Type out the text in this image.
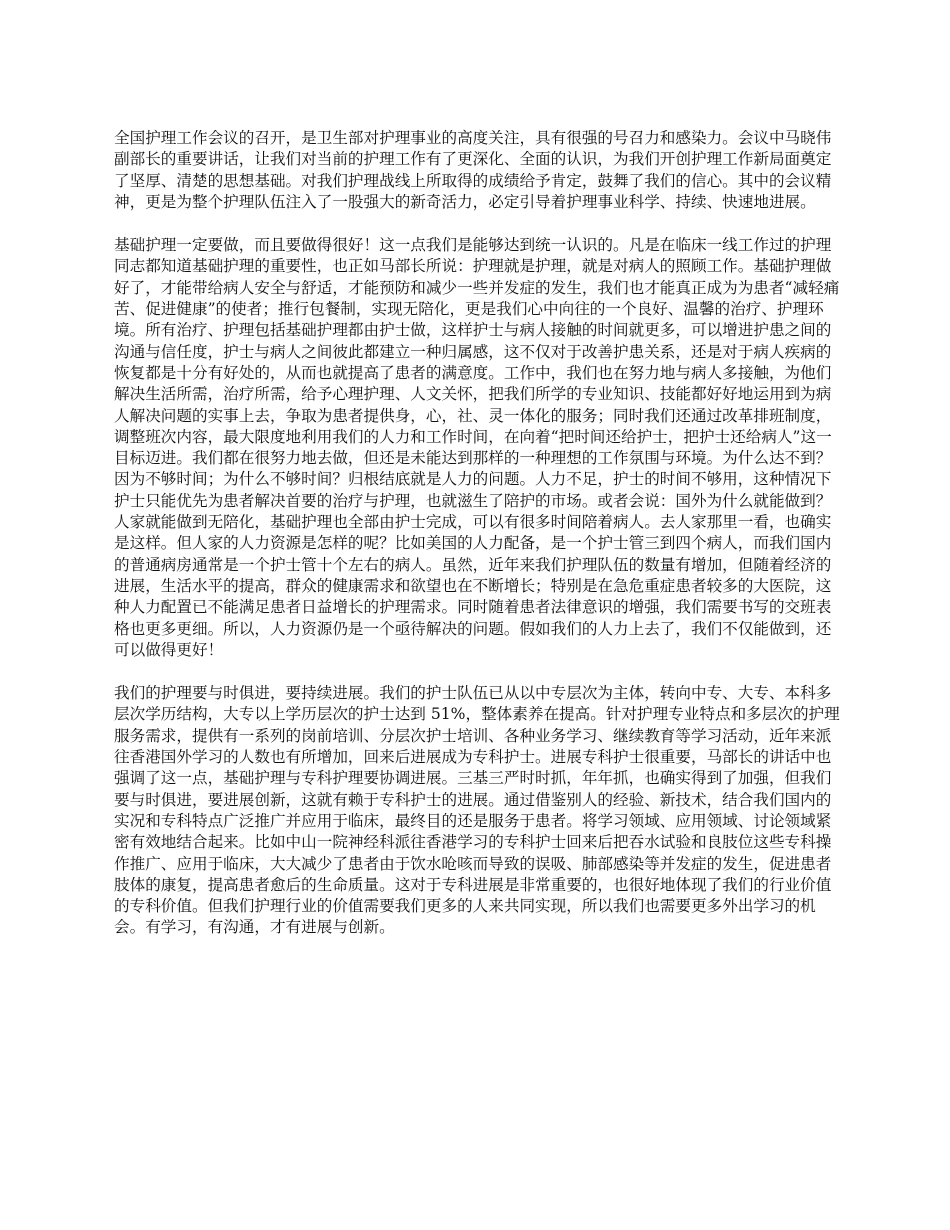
全国护理工作会议的召开，是卫生部对护理事业的高度关注，具有很强的号召力和感染力。会议中马晓伟副部长的重要讲话，让我们对当前的护理工作有了更深化、全面的认识，为我们开创护理工作新局面奠定了坚厚、清楚的思想基础。对我们护理战线上所取得的成绩给予肯定，鼓舞了我们的信心。其中的会议精神，更是为整个护理队伍注入了一股强大的新奇活力，必定引导着护理事业科学、持续、快速地进展。

基础护理一定要做，而且要做得很好！这一点我们是能够达到统一认识的。凡是在临床一线工作过的护理同志都知道基础护理的重要性，也正如马部长所说：护理就是护理，就是对病人的照顾工作。基础护理做好了，才能带给病人安全与舒适，才能预防和减少一些并发症的发生，我们也才能真正成为为患者“减轻痛苦、促进健康”的使者；推行包餐制，实现无陪化，更是我们心中向往的一个良好、温馨的治疗、护理环境。所有治疗、护理包括基础护理都由护士做，这样护士与病人接触的时间就更多，可以增进护患之间的沟通与信任度，护士与病人之间彼此都建立一种归属感，这不仅对于改善护患关系，还是对于病人疾病的恢复都是十分有好处的，从而也就提高了患者的满意度。工作中，我们也在努力地与病人多接触，为他们解决生活所需，治疗所需，给予心理护理、人文关怀，把我们所学的专业知识、技能都好好地运用到为病人解决问题的实事上去，争取为患者提供身，心，社、灵一体化的服务；同时我们还通过改革排班制度，调整班次内容，最大限度地利用我们的人力和工作时间，在向着“把时间还给护士，把护士还给病人”这一目标迈进。我们都在很努力地去做，但还是未能达到那样的一种理想的工作氛围与环境。为什么达不到？因为不够时间；为什么不够时间？归根结底就是人力的问题。人力不足，护士的时间不够用，这种情况下护士只能优先为患者解决首要的治疗与护理，也就滋生了陪护的市场。或者会说：国外为什么就能做到？人家就能做到无陪化，基础护理也全部由护士完成，可以有很多时间陪着病人。去人家那里一看，也确实是这样。但人家的人力资源是怎样的呢？比如美国的人力配备，是一个护士管三到四个病人，而我们国内的普通病房通常是一个护士管十个左右的病人。虽然，近年来我们护理队伍的数量有增加，但随着经济的进展，生活水平的提高，群众的健康需求和欲望也在不断增长；特别是在急危重症患者较多的大医院，这种人力配置已不能满足患者日益增长的护理需求。同时随着患者法律意识的增强，我们需要书写的交班表格也更多更细。所以，人力资源仍是一个亟待解决的问题。假如我们的人力上去了，我们不仅能做到，还可以做得更好！

我们的护理要与时俱进，要持续进展。我们的护士队伍已从以中专层次为主体，转向中专、大专、本科多层次学历结构，大专以上学历层次的护士达到 51%，整体素养在提高。针对护理专业特点和多层次的护理服务需求，提供有一系列的岗前培训、分层次护士培训、各种业务学习、继续教育等学习活动，近年来派往香港国外学习的人数也有所增加，回来后进展成为专科护士。进展专科护士很重要，马部长的讲话中也强调了这一点，基础护理与专科护理要协调进展。三基三严时时抓，年年抓，也确实得到了加强，但我们要与时俱进，要进展创新，这就有赖于专科护士的进展。通过借鉴别人的经验、新技术，结合我们国内的实况和专科特点广泛推广并应用于临床，最终目的还是服务于患者。将学习领域、应用领域、讨论领域紧密有效地结合起来。比如中山一院神经科派往香港学习的专科护士回来后把吞水试验和良肢位这些专科操作推广、应用于临床，大大减少了患者由于饮水呛咳而导致的误吸、肺部感染等并发症的发生，促进患者肢体的康复，提高患者愈后的生命质量。这对于专科进展是非常重要的，也很好地体现了我们的行业价值的专科价值。但我们护理行业的价值需要我们更多的人来共同实现，所以我们也需要更多外出学习的机会。有学习，有沟通，才有进展与创新。
